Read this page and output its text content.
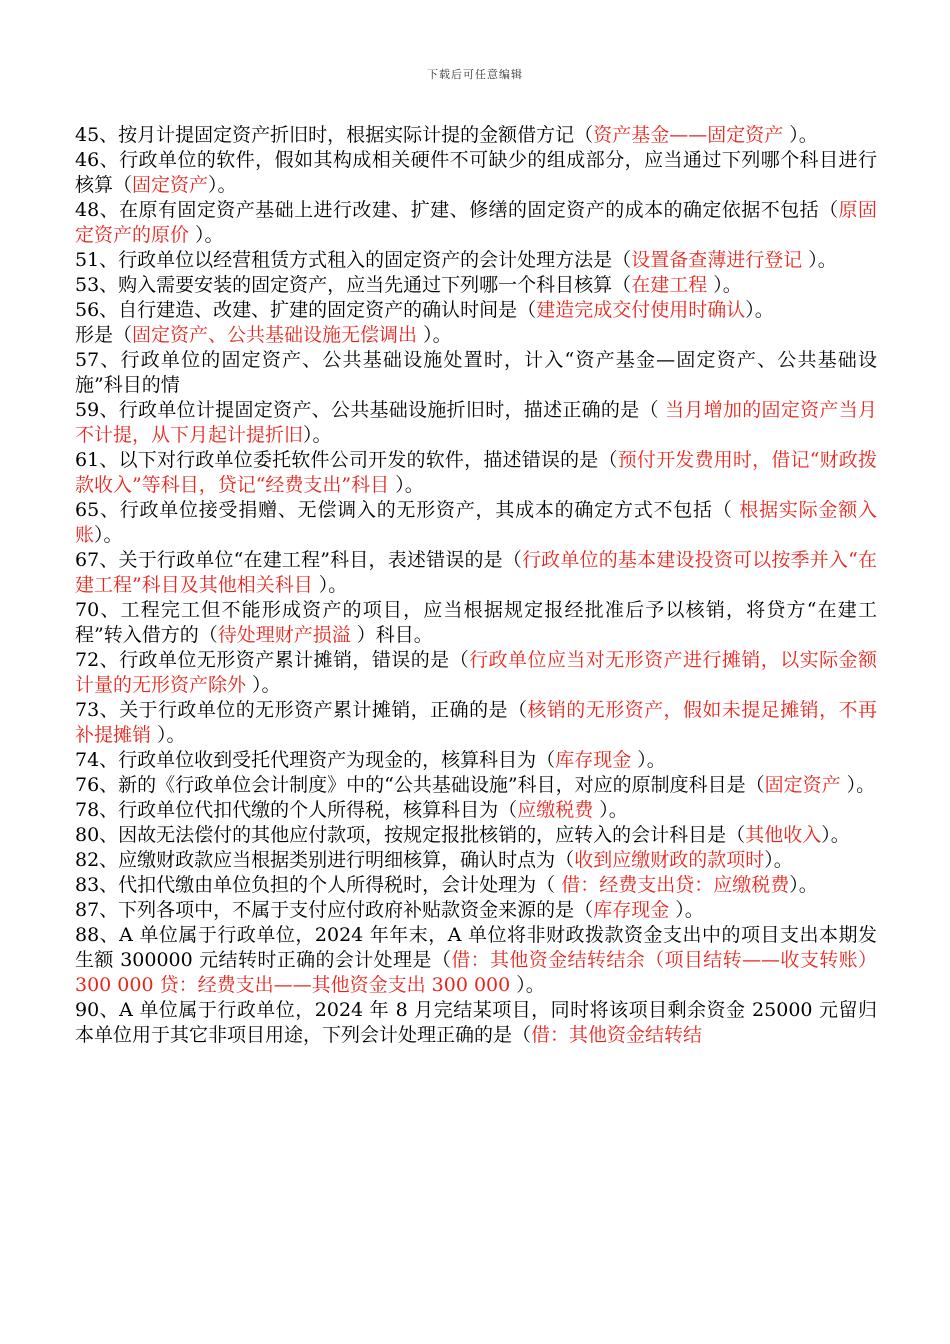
下载后可任意编辑

45、按月计提固定资产折旧时，根据实际计提的金额借方记（资产基金——固定资产 ）。

46、行政单位的软件，假如其构成相关硬件不可缺少的组成部分，应当通过下列哪个科目进行核算（固定资产）。

48、在原有固定资产基础上进行改建、扩建、修缮的固定资产的成本的确定依据不包括（原固定资产的原价 ）。

51、行政单位以经营租赁方式租入的固定资产的会计处理方法是（设置备查薄进行登记 ）。

53、购入需要安装的固定资产，应当先通过下列哪一个科目核算（在建工程 ）。

56、自行建造、改建、扩建的固定资产的确认时间是（建造完成交付使用时确认）。

形是（固定资产、公共基础设施无偿调出 ）。

57、行政单位的固定资产、公共基础设施处置时，计入“资产基金—固定资产、公共基础设施”科目的情

59、行政单位计提固定资产、公共基础设施折旧时，描述正确的是（ 当月增加的固定资产当月不计提，从下月起计提折旧）。

61、以下对行政单位委托软件公司开发的软件，描述错误的是（预付开发费用时，借记“财政拨款收入”等科目，贷记“经费支出”科目 ）。

65、行政单位接受捐赠、无偿调入的无形资产，其成本的确定方式不包括（ 根据实际金额入账）。

67、关于行政单位“在建工程”科目，表述错误的是（行政单位的基本建设投资可以按季并入“在建工程”科目及其他相关科目 ）。

70、工程完工但不能形成资产的项目，应当根据规定报经批准后予以核销，将贷方“在建工程”转入借方的（待处理财产损溢 ）科目。

72、行政单位无形资产累计摊销，错误的是（行政单位应当对无形资产进行摊销，以实际金额计量的无形资产除外 ）。

73、关于行政单位的无形资产累计摊销，正确的是（核销的无形资产，假如未提足摊销，不再补提摊销 ）。

74、行政单位收到受托代理资产为现金的，核算科目为（库存现金 ）。

76、新的《行政单位会计制度》中的“公共基础设施”科目，对应的原制度科目是（固定资产 ）。

78、行政单位代扣代缴的个人所得税，核算科目为（应缴税费 ）。

80、因故无法偿付的其他应付款项，按规定报批核销的，应转入的会计科目是（其他收入）。

82、应缴财政款应当根据类别进行明细核算，确认时点为（收到应缴财政的款项时）。

83、代扣代缴由单位负担的个人所得税时，会计处理为（ 借：经费支出贷：应缴税费）。

87、下列各项中，不属于支付应付政府补贴款资金来源的是（库存现金 ）。

88、A 单位属于行政单位，2024 年年末，A 单位将非财政拨款资金支出中的项目支出本期发生额 300000 元结转时正确的会计处理是（借：其他资金结转结余（项目结转——收支转账） 300 000 贷：经费支出——其他资金支出 300 000 ）。

90、A 单位属于行政单位，2024 年 8 月完结某项目，同时将该项目剩余资金 25000 元留归本单位用于其它非项目用途，下列会计处理正确的是（借：其他资金结转结
